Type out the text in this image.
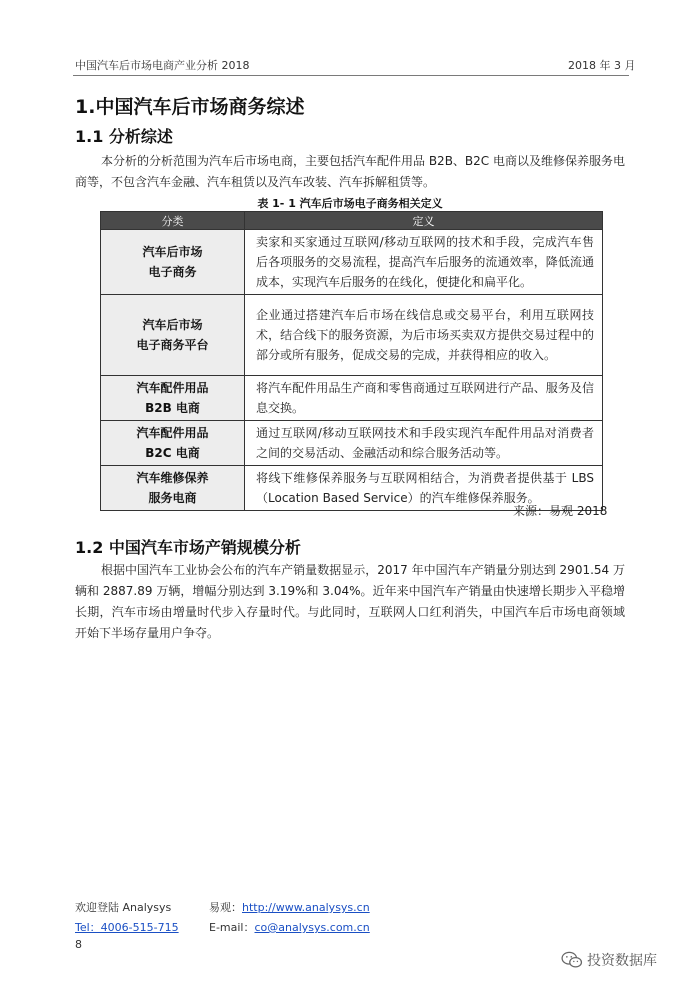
中国汽车后市场电商产业分析 2018	2018 年 3 月
1.中国汽车后市场商务综述
1.1 分析综述
本分析的分析范围为汽车后市场电商，主要包括汽车配件用品 B2B、B2C 电商以及维修保养服务电商等，不包含汽车金融、汽车租赁以及汽车改装、汽车拆解租赁等。
表 1- 1 汽车后市场电子商务相关定义
分类	定义
汽车后市场
电子商务	卖家和买家通过互联网/移动互联网的技术和手段，完成汽车售后各项服务的交易流程，提高汽车后服务的流通效率，降低流通成本，实现汽车后服务的在线化，便捷化和扁平化。
汽车后市场
电子商务平台	企业通过搭建汽车后市场在线信息或交易平台，利用互联网技术，结合线下的服务资源，为后市场买卖双方提供交易过程中的部分或所有服务，促成交易的完成，并获得相应的收入。
汽车配件用品
B2B 电商	将汽车配件用品生产商和零售商通过互联网进行产品、服务及信息交换。
汽车配件用品
B2C 电商	通过互联网/移动互联网技术和手段实现汽车配件用品对消费者之间的交易活动、金融活动和综合服务活动等。
汽车维修保养
服务电商	将线下维修保养服务与互联网相结合，为消费者提供基于 LBS（Location Based Service）的汽车维修保养服务。
来源：易观 2018
1.2 中国汽车市场产销规模分析
根据中国汽车工业协会公布的汽车产销量数据显示，2017 年中国汽车产销量分别达到 2901.54 万辆和 2887.89 万辆，增幅分别达到 3.19%和 3.04%。近年来中国汽车产销量由快速增长期步入平稳增长期，汽车市场由增量时代步入存量时代。与此同时，互联网人口红利消失，中国汽车后市场电商领域开始下半场存量用户争夺。
欢迎登陆 Analysys	易观：http://www.analysys.cn
Tel：4006-515-715	E-mail：co@analysys.com.cn
8
投资数据库
